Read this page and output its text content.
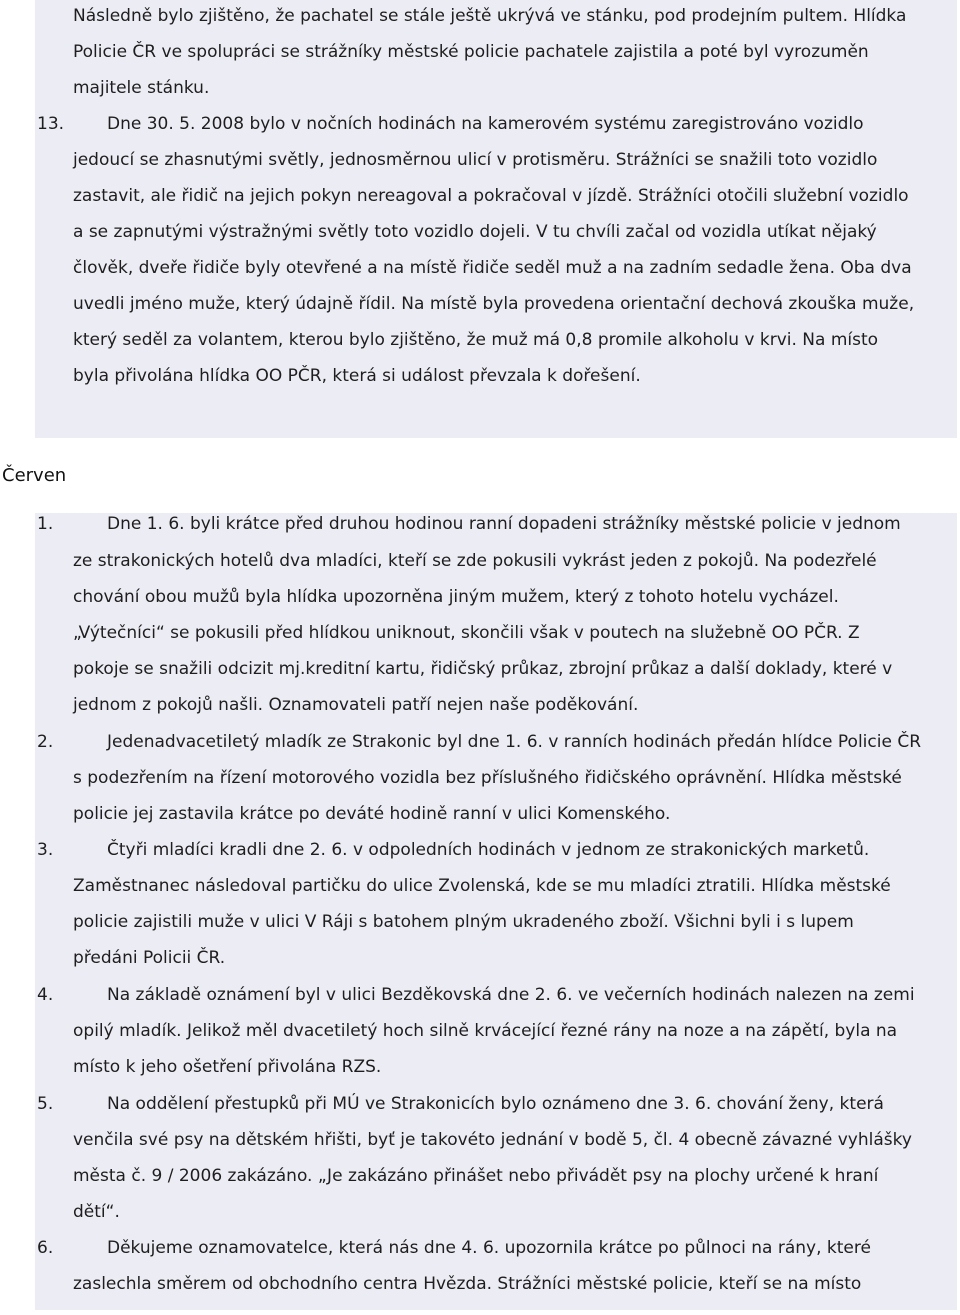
Následně bylo zjištěno, že pachatel se stále ještě ukrývá ve stánku, pod prodejním pultem. Hlídka
Policie ČR ve spolupráci se strážníky městské policie pachatele zajistila a poté byl vyrozuměn
majitele stánku.
13.	Dne 30. 5. 2008 bylo v nočních hodinách na kamerovém systému zaregistrováno vozidlo
jedoucí se zhasnutými světly, jednosměrnou ulicí v protisměru. Strážníci se snažili toto vozidlo
zastavit, ale řidič na jejich pokyn nereagoval a pokračoval v jízdě. Strážníci otočili služební vozidlo
a se zapnutými výstražnými světly toto vozidlo dojeli. V tu chvíli začal od vozidla utíkat nějaký
člověk, dveře řidiče byly otevřené a na místě řidiče seděl muž a na zadním sedadle žena. Oba dva
uvedli jméno muže, který údajně řídil. Na místě byla provedena orientační dechová zkouška muže,
který seděl za volantem, kterou bylo zjištěno, že muž má 0,8 promile alkoholu v krvi. Na místo
byla přivolána hlídka OO PČR, která si událost převzala k dořešení.
Červen
1.	Dne 1. 6. byli krátce před druhou hodinou ranní dopadeni strážníky městské policie v jednom
ze strakonických hotelů dva mladíci, kteří se zde pokusili vykrást jeden z pokojů. Na podezřelé
chování obou mužů byla hlídka upozorněna jiným mužem, který z tohoto hotelu vycházel.
„Výtečníci“ se pokusili před hlídkou uniknout, skončili však v poutech na služebně OO PČR. Z
pokoje se snažili odcizit mj.kreditní kartu, řidičský průkaz, zbrojní průkaz a další doklady, které v
jednom z pokojů našli. Oznamovateli patří nejen naše poděkování.
2.	Jedenadvacetiletý mladík ze Strakonic byl dne 1. 6. v ranních hodinách předán hlídce Policie ČR
s podezřením na řízení motorového vozidla bez příslušného řidičského oprávnění. Hlídka městské
policie jej zastavila krátce po deváté hodině ranní v ulici Komenského.
3.	Čtyři mladíci kradli dne 2. 6. v odpoledních hodinách v jednom ze strakonických marketů.
Zaměstnanec následoval partičku do ulice Zvolenská, kde se mu mladíci ztratili. Hlídka městské
policie zajistili muže v ulici V Ráji s batohem plným ukradeného zboží. Všichni byli i s lupem
předáni Policii ČR.
4.	Na základě oznámení byl v ulici Bezděkovská dne 2. 6. ve večerních hodinách nalezen na zemi
opilý mladík. Jelikož měl dvacetiletý hoch silně krvácející řezné rány na noze a na zápětí, byla na
místo k jeho ošetření přivolána RZS.
5.	Na oddělení přestupků při MÚ ve Strakonicích bylo oznámeno dne 3. 6. chování ženy, která
venčila své psy na dětském hřišti, byť je takovéto jednání v bodě 5, čl. 4 obecně závazné vyhlášky
města č. 9 / 2006 zakázáno. „Je zakázáno přinášet nebo přivádět psy na plochy určené k hraní
dětí“.
6.	Děkujeme oznamovatelce, která nás dne 4. 6. upozornila krátce po půlnoci na rány, které
zaslechla směrem od obchodního centra Hvězda. Strážníci městské policie, kteří se na místo
